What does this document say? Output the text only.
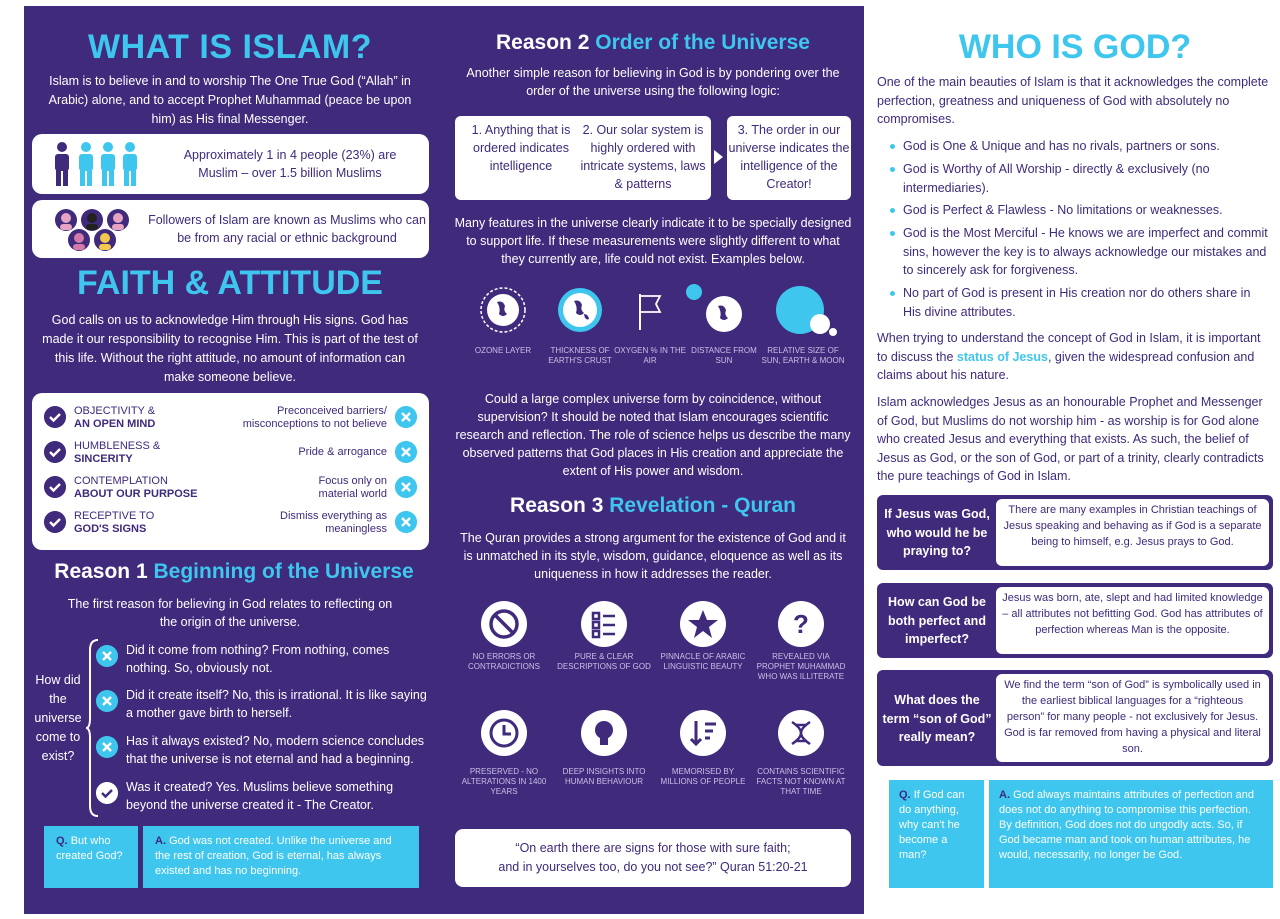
WHAT IS ISLAM?
Islam is to believe in and to worship The One True God (“Allah” in Arabic) alone, and to accept Prophet Muhammad (peace be upon him) as His final Messenger.
Approximately 1 in 4 people (23%) are Muslim – over 1.5 billion Muslims
Followers of Islam are known as Muslims who can be from any racial or ethnic background
FAITH & ATTITUDE
God calls on us to acknowledge Him through His signs. God has made it our responsibility to recognise Him. This is part of the test of this life. Without the right attitude, no amount of information can make someone believe.
OBJECTIVITY &
AN OPEN MIND
Preconceived barriers/ misconceptions to not believe
HUMBLENESS &
SINCERITY
Pride & arrogance
CONTEMPLATION
ABOUT OUR PURPOSE
Focus only on material world
RECEPTIVE TO
GOD'S SIGNS
Dismiss everything as meaningless
Reason 1 Beginning of the Universe
The first reason for believing in God relates to reflecting on the origin of the universe.
How did the universe come to exist?
Did it come from nothing? From nothing, comes nothing. So, obviously not.
Did it create itself? No, this is irrational. It is like saying a mother gave birth to herself.
Has it always existed? No, modern science concludes that the universe is not eternal and had a beginning.
Was it created? Yes. Muslims believe something beyond the universe created it - The Creator.
Q. But who created God?
A. God was not created. Unlike the universe and the rest of creation, God is eternal, has always existed and has no beginning.
Reason 2 Order of the Universe
Another simple reason for believing in God is by pondering over the order of the universe using the following logic:
1. Anything that is ordered indicates intelligence
2. Our solar system is highly ordered with intricate systems, laws & patterns
3. The order in our universe indicates the intelligence of the Creator!
Many features in the universe clearly indicate it to be specially designed to support life. If these measurements were slightly different to what they currently are, life could not exist. Examples below.
OZONE LAYER	THICKNESS OF EARTH'S CRUST
OXYGEN % IN THE AIR
DISTANCE FROM SUN
RELATIVE SIZE OF SUN, EARTH & MOON
Could a large complex universe form by coincidence, without supervision? It should be noted that Islam encourages scientific research and reflection. The role of science helps us describe the many observed patterns that God places in His creation and appreciate the extent of His power and wisdom.
Reason 3 Revelation - Quran
The Quran provides a strong argument for the existence of God and it is unmatched in its style, wisdom, guidance, eloquence as well as its uniqueness in how it addresses the reader.
NO ERRORS OR CONTRADICTIONS
PURE & CLEAR DESCRIPTIONS OF GOD
PINNACLE OF ARABIC LINGUISTIC BEAUTY
?
REVEALED VIA PROPHET MUHAMMAD WHO WAS ILLITERATE
PRESERVED - NO ALTERATIONS IN 1400 YEARS
DEEP INSIGHTS INTO HUMAN BEHAVIOUR
MEMORISED BY MILLIONS OF PEOPLE
CONTAINS SCIENTIFIC FACTS NOT KNOWN AT THAT TIME
“On earth there are signs for those with sure faith;
and in yourselves too, do you not see?” Quran 51:20-21
WHO IS GOD?
One of the main beauties of Islam is that it acknowledges the complete perfection, greatness and uniqueness of God with absolutely no compromises.
God is One & Unique and has no rivals, partners or sons.
God is Worthy of All Worship - directly & exclusively (no intermediaries).
God is Perfect & Flawless - No limitations or weaknesses.
God is the Most Merciful - He knows we are imperfect and commit sins, however the key is to always acknowledge our mistakes and to sincerely ask for forgiveness.
No part of God is present in His creation nor do others share in His divine attributes.
When trying to understand the concept of God in Islam, it is important to discuss the status of Jesus, given the widespread confusion and claims about his nature.
Islam acknowledges Jesus as an honourable Prophet and Messenger of God, but Muslims do not worship him - as worship is for God alone who created Jesus and everything that exists. As such, the belief of Jesus as God, or the son of God, or part of a trinity, clearly contradicts the pure teachings of God in Islam.
If Jesus was God, who would he be praying to?
There are many examples in Christian teachings of Jesus speaking and behaving as if God is a separate being to himself, e.g. Jesus prays to God.
How can God be both perfect and imperfect?
Jesus was born, ate, slept and had limited knowledge – all attributes not befitting God. God has attributes of perfection whereas Man is the opposite.
What does the term “son of God” really mean?
We find the term “son of God” is symbolically used in the earliest biblical languages for a “righteous person” for many people - not exclusively for Jesus. God is far removed from having a physical and literal son.
Q. If God can do anything, why can't he become a man?
A. God always maintains attributes of perfection and does not do anything to compromise this perfection. By definition, God does not do ungodly acts. So, if God became man and took on human attributes, he would, necessarily, no longer be God.
